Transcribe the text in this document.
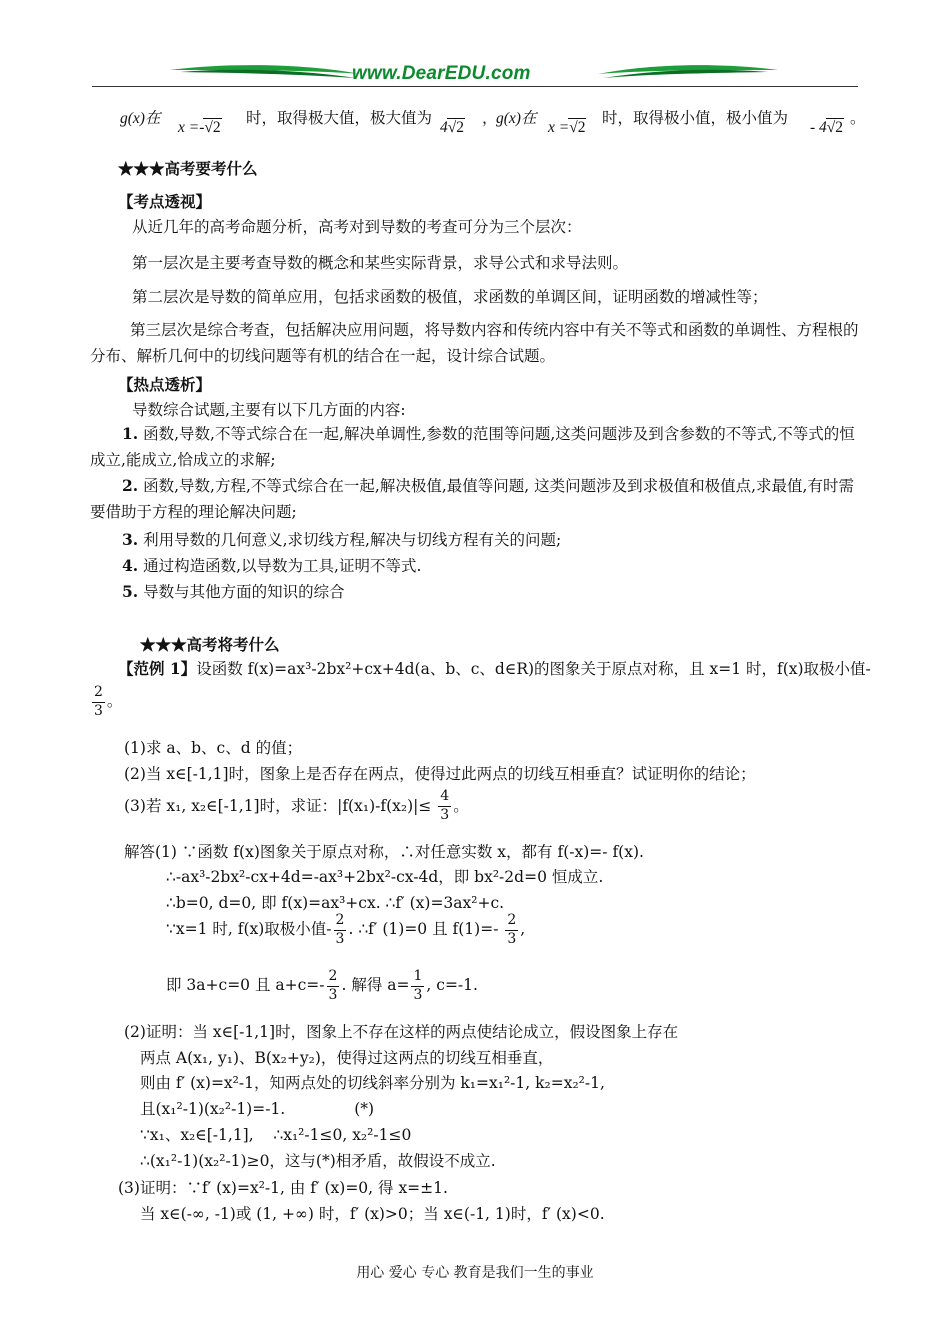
www.DearEDU.com
g(x)在
x =-√2
时，取得极大值，极大值为
4√2
，
g(x)在
x =√2
时，取得极小值，极小值为
- 4√2
。
★★★高考要考什么
【考点透视】
从近几年的高考命题分析，高考对到导数的考查可分为三个层次：
第一层次是主要考查导数的概念和某些实际背景，求导公式和求导法则。
第二层次是导数的简单应用，包括求函数的极值，求函数的单调区间，证明函数的增减性等；
第三层次是综合考查，包括解决应用问题，将导数内容和传统内容中有关不等式和函数的单调性、方程根的分布、解析几何中的切线问题等有机的结合在一起，设计综合试题。
【热点透析】
导数综合试题,主要有以下几方面的内容:
1. 函数,导数,不等式综合在一起,解决单调性,参数的范围等问题,这类问题涉及到含参数的不等式,不等式的恒成立,能成立,恰成立的求解;
2. 函数,导数,方程,不等式综合在一起,解决极值,最值等问题, 这类问题涉及到求极值和极值点,求最值,有时需要借助于方程的理论解决问题;
3. 利用导数的几何意义,求切线方程,解决与切线方程有关的问题;
4. 通过构造函数,以导数为工具,证明不等式.
5. 导数与其他方面的知识的综合
★★★高考将考什么
【范例 1】设函数 f(x)=ax³-2bx²+cx+4d(a、b、c、d∈R)的图象关于原点对称，且 x=1 时，f(x)取极小值-
$\frac{2}{3}$ 。
(1)求 a、b、c、d 的值；
(2)当 x∈[-1,1]时，图象上是否存在两点，使得过此两点的切线互相垂直？试证明你的结论；
(3)若 x₁, x₂∈[-1,1]时，求证：$|f(x_1)-f(x_2)|\le \frac{4}{3}$ 。
解答(1) ∵函数 f(x)图象关于原点对称，∴对任意实数 x，都有 f(-x)=- f(x).
∴-ax³-2bx²-cx+4d=-ax³+2bx²-cx-4d，即 bx²-2d=0 恒成立.
∴b=0, d=0, 即 f(x)=ax³+cx. ∴f′ (x)=3ax²+c.
∵x=1 时, f(x)取极小值- $\frac{2}{3}$ . ∴f′ (1)=0 且 $f(1)=- \frac{2}{3}$ ,
即 3a+c=0 且 $a+c=- \frac{2}{3}$ . 解得 $a= \frac{1}{3}$ , c=-1.
(2)证明：当 x∈[-1,1]时，图象上不存在这样的两点使结论成立，假设图象上存在
两点 A(x₁, y₁)、B(x₂+y₂)，使得过这两点的切线互相垂直，
则由 f′ (x)=x²-1，知两点处的切线斜率分别为 k₁=x₁²-1, k₂=x₂²-1,
且(x₁²-1)(x₂²-1)=-1.              (*)
∵x₁、x₂∈[-1,1],    ∴x₁²-1≤0, x₂²-1≤0
∴(x₁²-1)(x₂²-1)≥0，这与(*)相矛盾，故假设不成立.
(3)证明：∵f′ (x)=x²-1, 由 f′ (x)=0, 得 x=±1.
当 x∈(-∞, -1)或 (1, +∞) 时，f′ (x)>0；当 x∈(-1, 1)时，f′ (x)<0.
用心 爱心 专心 教育是我们一生的事业
